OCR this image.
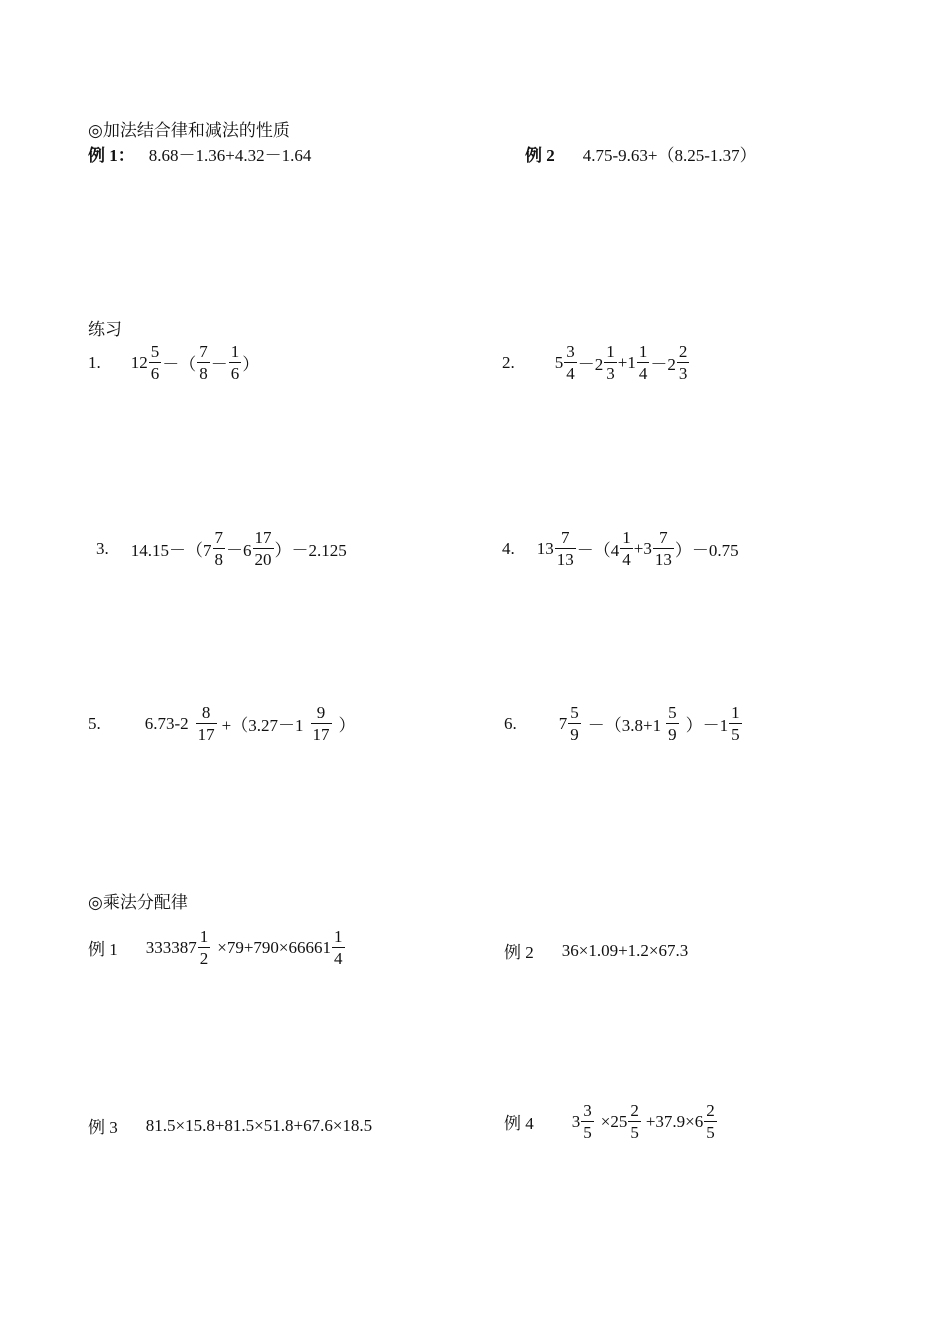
◎加法结合律和减法的性质
例 1 ： 8.68－1.36+4.32－1.64	例 2 4.75-9.63+（8.25-1.37）
练习
1. $12 \frac{5}{6}$ －（ $\frac{7}{8} - \frac{1}{6}$ ）	2. $5 \frac{3}{4} -2 \frac{1}{3} +1 \frac{1}{4} -2 \frac{2}{3}$
3. $14.15-(7 \frac{7}{8} -6 \frac{17}{20} )-2.125$	4. $13 \frac{7}{13} -(4 \frac{1}{4} +3 \frac{7}{13} )-0.75$
5.	$6.73-2 \frac{8}{17} +(3.27-1 \frac{9}{17}$ ）	6. $7 \frac{5}{9} -(3.8+1 \frac{5}{9} )-1 \frac{1}{5}$
◎乘法分配律
例 1 $333387 \frac{1}{2} \times 79+790\times 66661 \frac{1}{4}$	例 2 36×1.09+1.2×67.3
例 3 81.5×15.8+81.5×51.8+67.6×18.5	例 4 $3 \frac{3}{5} \times 25 \frac{2}{5} +37.9\times 6 \frac{2}{5}$
